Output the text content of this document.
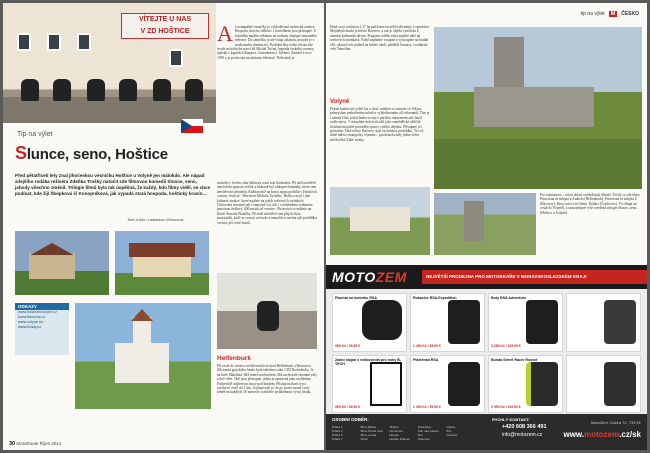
VÍTEJTE U NAS
V ZD HOŠTICE	A z nenápadné vesničky je vyhledávaná turistická atrakce. Hospoda, kravín i hřbitov s kostelíkem jsou přístupné. U kostelíka najdete reklamu na rodinou chalupu samotného režiséra. Do zámečku je ale vstup zakázán, protože je v soukromém vlastnictví. Poslední léta svého života zde trvale na hoštické návsi žil Michal Tučný, legenda českého country, zpěvák v kapelách Rangers, Greenhorns a Tučňáci. Zemřel v roce 1995 a je pochován na místním hřbitově. Náhrobek je
Tip na výlet
Slunce, seno, Hoštice
Před pětatřiceti lety znal jihočeskou vesničku Hoštice u Volyně jen málokdo. Ale nápad zdejšího rodáka režiséra Zdeňka Trošky natočit zde filmovou komedii Slunce, seno, jahody všechno změnil. Trilogie filmů byla tak úspěšná, že každý, kdo filmy viděl, se chce podívat, kde žijí Škopková či Konopníková, jak vypadá stará hospoda, hoštický kravín...
Text a foto: Ladislava Vítovcová
umístěn v levém rohu hřbitova a má tvar kloboubu. Při naší návštěvě tam ležela spousta svíček a klobouk byl obkopen kamínky, které sem návštěvníci přinášejí. Každoročně na konci srpna probíhá v Hoštících country festival - Slavnosti Michala Tučného. Hoštice mají i jiné kulturní atrakce, které najdete na jejich webových stránkách. Ubytování sezonně jak v samotné vsi, tak i v nedalekém rodinném penzionu Jedlový, 600 metrů od vesnice. Občerstvit se můžete na Ranči Šimona Pláničky. Při naší návštěvě sem přijelo dost motorkářů, kteří se vracejí od moře a nemohli si nechat ujít prohlídku vesnice při cestě domů.
ODKAZY
www.hosticeuvolyne.cz
www.bavorov.cz
www.volyne.eu
www.hrady.cz
Helfenburk
Při cestě do vesnice určitě navštivte hrad Helfenburk u Bavorova. Zříceninu gotického hradu byla založena roku 1355 Rožmberky. Je na hoře Malošiná, 683 metrů nad mořem. Má zachovalé obranné valy a dvě věže. Obě jsou přístupné, jedna je upravená jako rozhledna. Parkoviště najdete na louce pod hradem. Přístup na hrad je po asfaltové cestě asi 1 km. Zajímavostí je, že po pravé straně cesty téměř na každých 50 metrech si můžete prohlédnout vývoj hradu.
30 MotoRoute Říjen 2014
tip na výlet	M	ČESKO
Hrad svoji rozlohou 1,27 ha patří mezi největší zříceniny v republice. Majitelem hradu je město Bavorov, a tak je objekt využíván k různým kulturním akcím. Program celého roku najdete také na webových stránkách. Když zapláníte vstupné a vystoupáte na hradní věž, okouzlí vás pohled na blízké okolí, přehlídí Šumavy i vzdálené vrše Temelína.
Volyně
Pokud budete mít ještě čas a chuť, můžete se zastavit ve Volyni, průmyslem nedotčeném městě a vyhledávaném cíli rekreantů. Tím je i zámek Dub, jehož budova stojí v parčíku obrazeném zdí, hned vedle návsi. V minulém století sloužil jako zemědělské učiliště. Součaní majitelé provádějí opravy celého objektu. Přístupný je i prozatím. Také město Bavorov stojí za krátkou prohlídku. Ve své době město strategicky význam – procházela tudy jedna větve středověké Zlaté stezky.
Pro zajímavost – celou oblast vyhledávají filmaři. Točily se zde filmy Princezna ze mlejna a Arabela (Helfenburk), Princezna ze mlejna 2 (Bavorov), Drací trest a Je-žírtní, Raftáci (Čepřovice). Th chlapi na cestách (Volyně), a samozřejmě výše uvedená trilogie Slunce, seno... (Hoštice u Volyně).
MOTOZEM	NEJVĚTŠÍ PRODEJNA PRO MOTORKÁŘE V MORAVSKOSLEZSKÉM KRAJI
Plachta na motorku RSA
999 Kč / 39,90 €
Rukavice RSA Expedition
1 490 Kč / 59,90 €
Boty RSA Adventure
3 290 Kč / 129,90 €
Zadní stojan s velikostním pro nohy B-TECH
999 Kč / 39,90 €
Pláštěnka RSA
1 490 Kč / 59,90 €
Bunda Street Racer Rocket
2 990 Kč / 119,90 €
OSOBNÍ ODBĚR:
Praha 1
Praha 4
Praha 5
Praha 7
Brno-Město
Brno-Černá pole
Brno-Lesná
Plzeň
Jihlava
Chomutov
Liberec
Hradec Králové
Pardubice
Ústí nad Labem
Zlín
Olomouc
Opava
Zlín
Ostrava
RYCHLÝ KONTAKT:
+420 608 366 491
info@motozem.cz
MotoZem, Dobrá 72, 739 51
www.motozem.cz/sk
